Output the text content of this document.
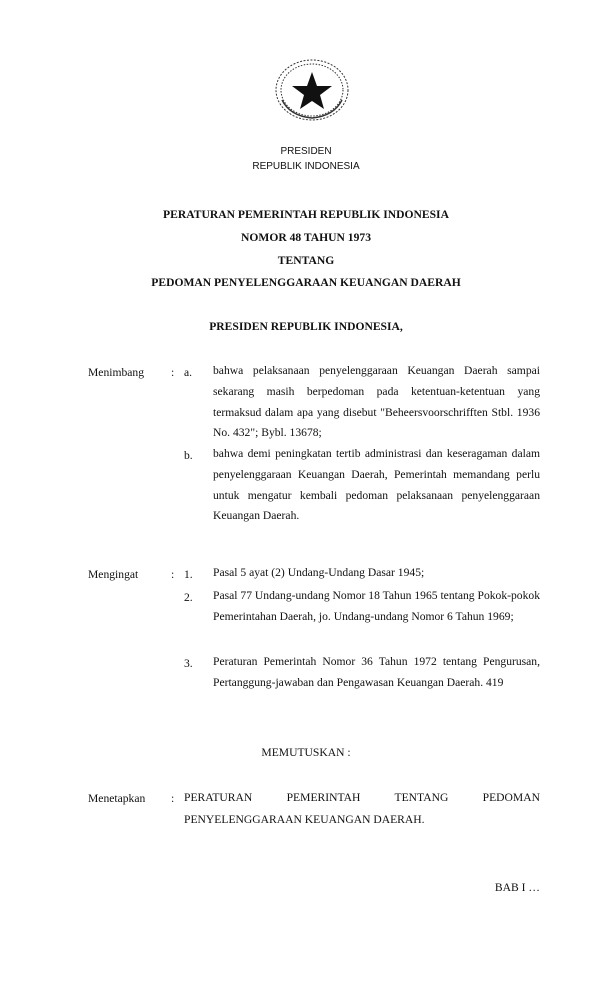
PRESIDEN
REPUBLIK INDONESIA
PERATURAN PEMERINTAH REPUBLIK INDONESIA
NOMOR 48 TAHUN 1973
TENTANG
PEDOMAN PENYELENGGARAAN KEUANGAN DAERAH
PRESIDEN REPUBLIK INDONESIA,
Menimbang : a. bahwa pelaksanaan penyelenggaraan Keuangan Daerah sampai sekarang masih berpedoman pada ketentuan-ketentuan yang termaksud dalam apa yang disebut "Beheersvoorschrifften Stbl. 1936 No. 432"; Bybl. 13678;
b. bahwa demi peningkatan tertib administrasi dan keseragaman dalam penyelenggaraan Keuangan Daerah, Pemerintah memandang perlu untuk mengatur kembali pedoman pelaksanaan penyelenggaraan Keuangan Daerah.
Mengingat	: 1. Pasal 5 ayat (2) Undang-Undang Dasar 1945;
2. Pasal 77 Undang-undang Nomor 18 Tahun 1965 tentang Pokok-pokok Pemerintahan Daerah, jo. Undang-undang Nomor 6 Tahun 1969;
3. Peraturan Pemerintah Nomor 36 Tahun 1972 tentang Pengurusan, Pertanggung-jawaban dan Pengawasan Keuangan Daerah. 419
MEMUTUSKAN :
Menetapkan : PERATURAN PEMERINTAH TENTANG PEDOMAN PENYELENGGARAAN KEUANGAN DAERAH.
BAB I …
